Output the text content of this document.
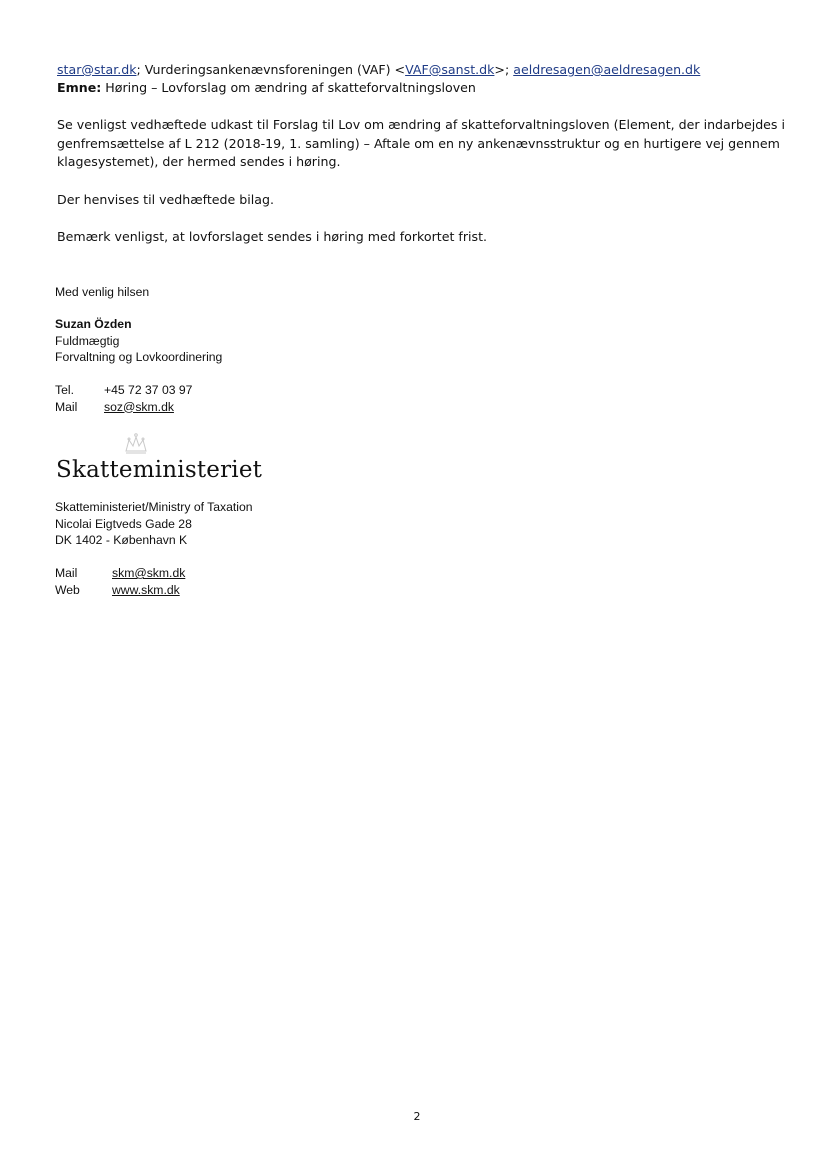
star@star.dk; Vurderingsankenævnsforeningen (VAF) <VAF@sanst.dk>; aeldresagen@aeldresagen.dk
Emne: Høring – Lovforslag om ændring af skatteforvaltningsloven

Se venligst vedhæftede udkast til Forslag til Lov om ændring af skatteforvaltningsloven (Element, der indarbejdes i
genfremsættelse af L 212 (2018-19, 1. samling) – Aftale om en ny ankenævnsstruktur og en hurtigere vej gennem
klagesystemet), der hermed sendes i høring.

Der henvises til vedhæftede bilag.

Bemærk venligst, at lovforslaget sendes i høring med forkortet frist.

Med venlig hilsen
Suzan Özden
Fuldmægtig
Forvaltning og Lovkoordinering
Tel.	+45 72 37 03 97
Mail	soz@skm.dk
Skatteministeriet
Skatteministeriet/Ministry of Taxation
Nicolai Eigtveds Gade 28
DK 1402 - København K
Mail	skm@skm.dk
Web	www.skm.dk
2
